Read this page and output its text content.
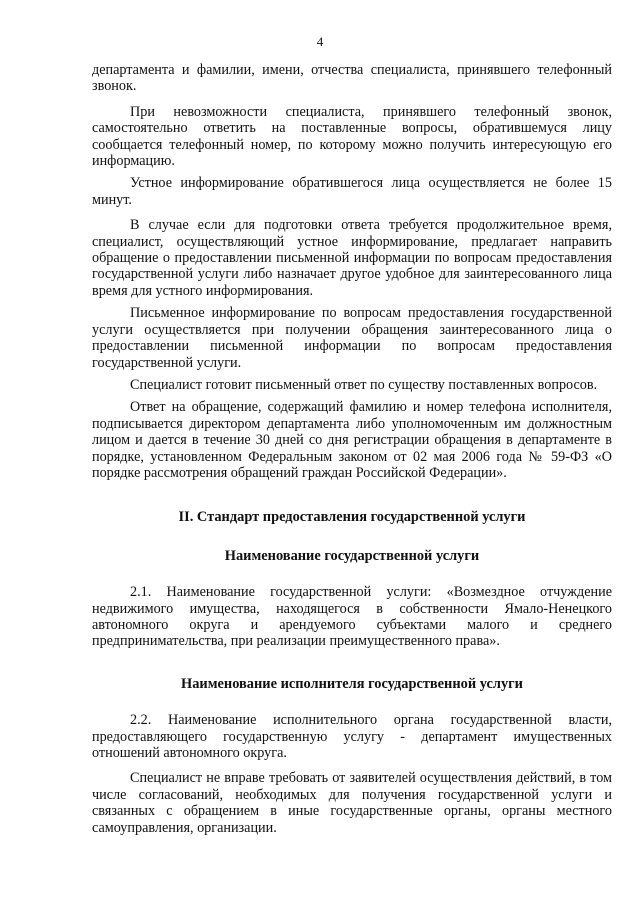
4

департамента и фамилии, имени, отчества специалиста, принявшего телефонный звонок.

При невозможности специалиста, принявшего телефонный звонок, самостоятельно ответить на поставленные вопросы, обратившемуся лицу сообщается телефонный номер, по которому можно получить интересующую его информацию.

Устное информирование обратившегося лица осуществляется не более 15 минут.

В случае если для подготовки ответа требуется продолжительное время, специалист, осуществляющий устное информирование, предлагает направить обращение о предоставлении письменной информации по вопросам предоставления государственной услуги либо назначает другое удобное для заинтересованного лица время для устного информирования.

Письменное информирование по вопросам предоставления государственной услуги осуществляется при получении обращения заинтересованного лица о предоставлении письменной информации по вопросам предоставления государственной услуги.

Специалист готовит письменный ответ по существу поставленных вопросов.

Ответ на обращение, содержащий фамилию и номер телефона исполнителя, подписывается директором департамента либо уполномоченным им должностным лицом и дается в течение 30 дней со дня регистрации обращения в департаменте в порядке, установленном Федеральным законом от 02 мая 2006 года № 59-ФЗ «О порядке рассмотрения обращений граждан Российской Федерации».

II. Стандарт предоставления государственной услуги
Наименование государственной услуги

2.1. Наименование государственной услуги: «Возмездное отчуждение недвижимого имущества, находящегося в собственности Ямало-Ненецкого автономного округа и арендуемого субъектами малого и среднего предпринимательства, при реализации преимущественного права».

Наименование исполнителя государственной услуги

2.2. Наименование исполнительного органа государственной власти, предоставляющего государственную услугу - департамент имущественных отношений автономного округа.

Специалист не вправе требовать от заявителей осуществления действий, в том числе согласований, необходимых для получения государственной услуги и связанных с обращением в иные государственные органы, органы местного самоуправления, организации.
